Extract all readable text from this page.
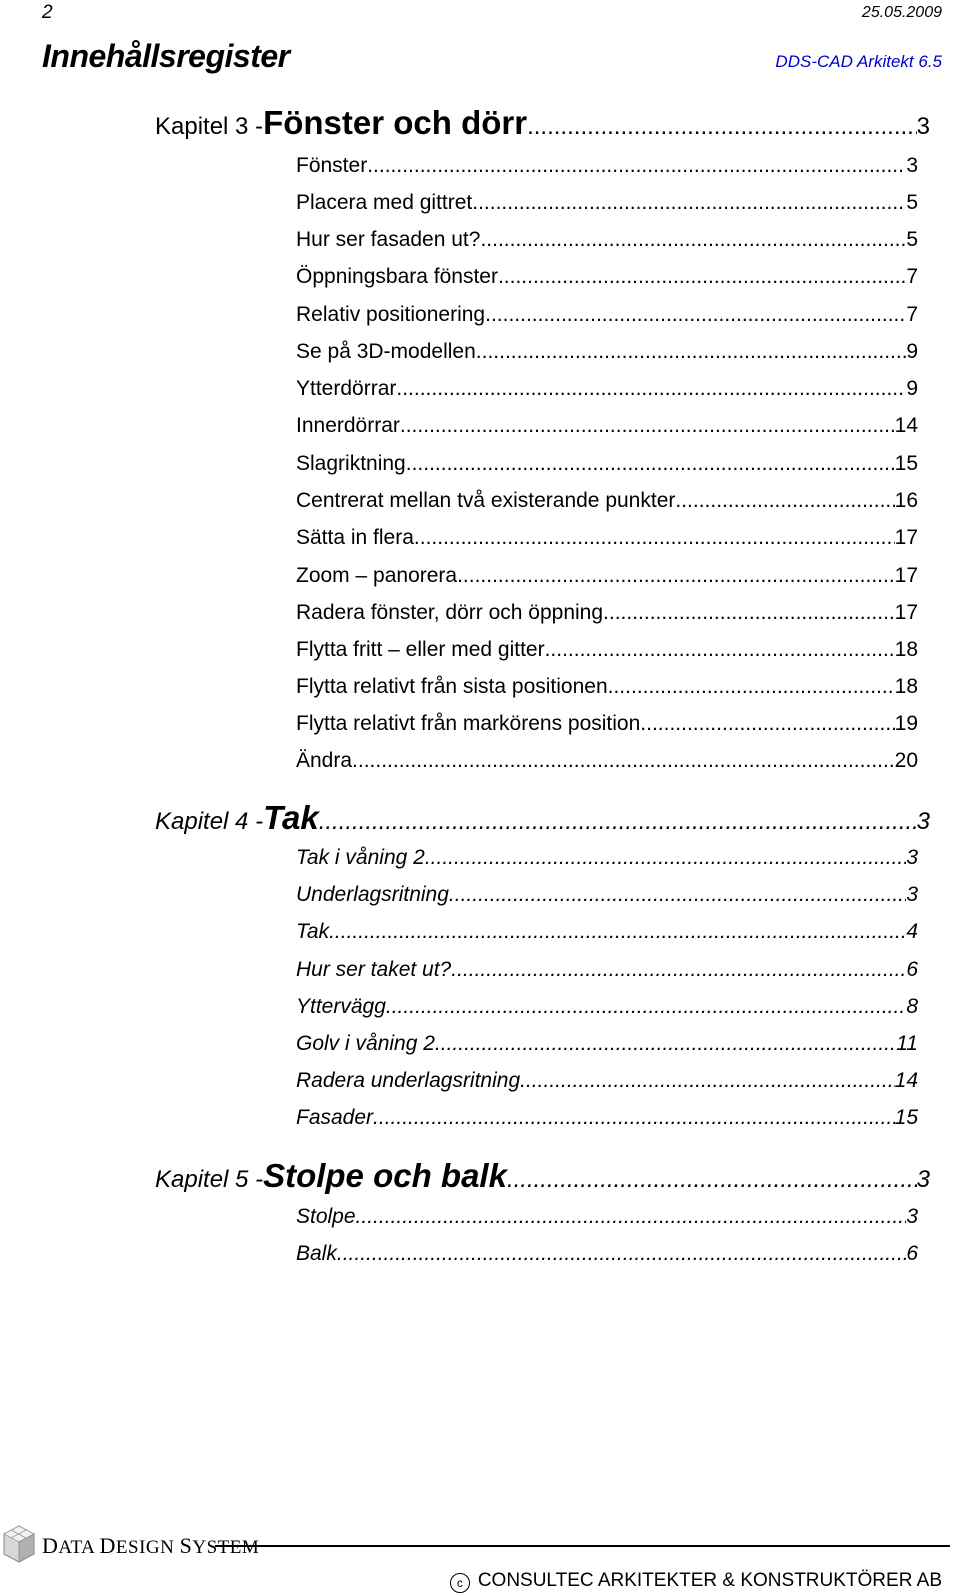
2	25.05.2009
Innehållsregister	DDS-CAD Arkitekt 6.5
Kapitel 3 - Fönster och dörr .....	3
Fönster .....	3
Placera med gittret .....	5
Hur ser fasaden ut? .....	5
Öppningsbara fönster .....	7
Relativ positionering .....	7
Se på 3D-modellen .....	9
Ytterdörrar .....	9
Innerdörrar .....	14
Slagriktning .....	15
Centrerat mellan två existerande punkter .....	16
Sätta in flera .....	17
Zoom – panorera .....	17
Radera fönster, dörr och öppning .....	17
Flytta fritt – eller med gitter .....	18
Flytta relativt från sista positionen .....	18
Flytta relativt från markörens position .....	19
Ändra .....	20
Kapitel 4 - Tak .....	3
Tak i våning 2 .....	3
Underlagsritning .....	3
Tak .....	4
Hur ser taket ut? .....	6
Yttervägg .....	8
Golv i våning 2 .....	11
Radera underlagsritning .....	14
Fasader .....	15
Kapitel 5 - Stolpe och balk .....	3
Stolpe .....	3
Balk .....	6
DATA DESIGN SYSTEM
c CONSULTEC ARKITEKTER & KONSTRUKTÖRER AB
